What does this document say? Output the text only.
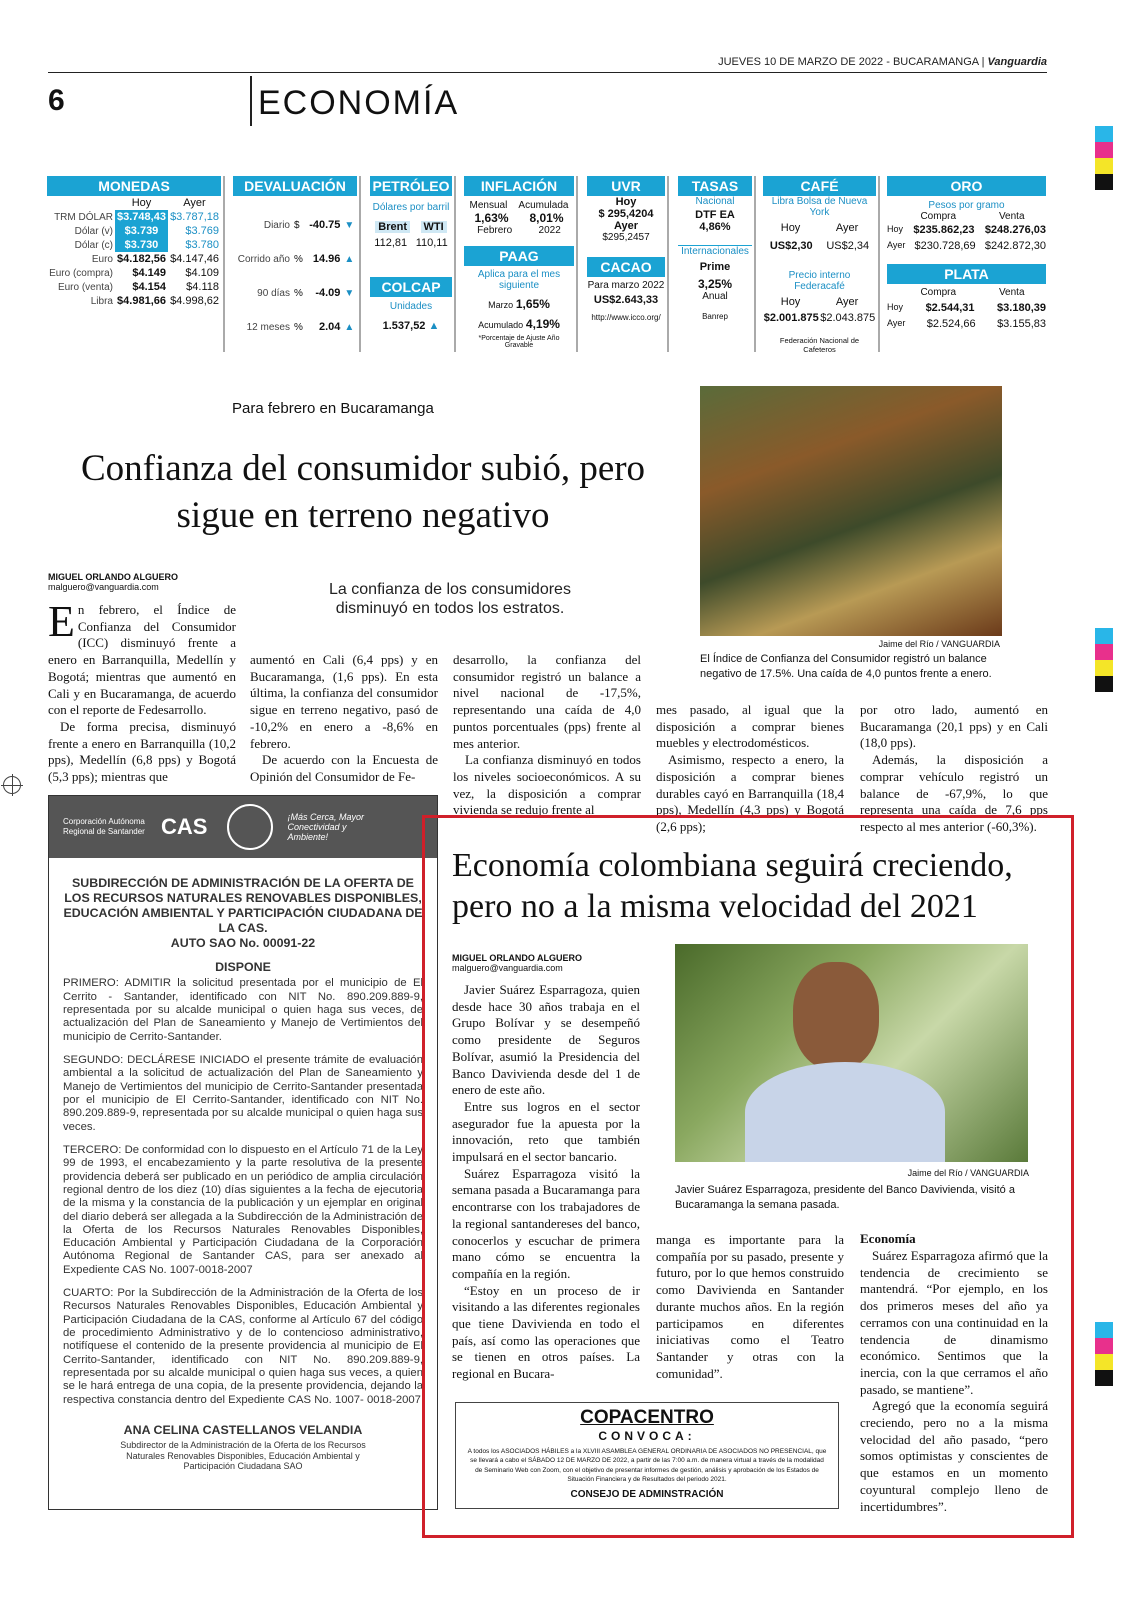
JUEVES 10 DE MARZO DE 2022 - BUCARAMANGA | Vanguardia
6	ECONOMÍA
MONEDAS
	Hoy	Ayer
TRM DÓLAR	$3.748,43	$3.787,18
Dólar (v)	$3.739	$3.769
Dólar (c)	$3.730	$3.780
Euro	$4.182,56	$4.147,46
Euro (compra)	$4.149	$4.109
Euro (venta)	$4.154	$4.118
Libra	$4.981,66	$4.998,62
DEVALUACIÓN
Diario	$	-40.75	▼
Corrido año	%	14.96	▲
90 días	%	-4.09	▼
12 meses	%	2.04	▲
PETRÓLEO
Dólares por barril
Brent WTI
112,81 110,11
COLCAP
Unidades
1.537,52 ▲
INFLACIÓN
Mensual Acumulada
1,63% 8,01%
Febrero	2022
PAAG
Aplica para el mes siguiente
Marzo 1,65%
Acumulado 4,19%
*Porcentaje de Ajuste Año Gravable
UVR
Hoy
$ 295,4204
Ayer
$295,2457
CACAO
Para marzo 2022
US$2.643,33
http://www.icco.org/
TASAS
Nacional
DTF EA
4,86%
Internacionales
Prime
3,25%
Anual
Banrep
CAFÉ
Libra Bolsa de Nueva York
Hoy	Ayer
US$2,30 US$2,34
Precio interno Federacafé
Hoy	Ayer
$2.001.875 $2.043.875
Federación Nacional de Cafeteros
ORO
Pesos por gramo
Compra	Venta
Hoy $235.862,23 $248.276,03
Ayer $230.728,69 $242.872,30
PLATA
Compra	Venta
Hoy $2.544,31 $3.180,39
Ayer $2.524,66 $3.155,83
Para febrero en Bucaramanga
Confianza del consumidor subió, pero sigue en terreno negativo
MIGUEL ORLANDO ALGUERO
malguero@vanguardia.com	La confianza de los consumidores disminuyó en todos los estratos.
En febrero, el Índice de Confianza del Consumidor (ICC) disminuyó frente a enero en Barranquilla, Medellín y Bogotá; mientras que aumentó en Cali y en Bucaramanga, de acuerdo con el reporte de Fedesarrollo.

De forma precisa, disminuyó frente a enero en Barranquilla (10,2 pps), Medellín (6,8 pps) y Bogotá (5,3 pps); mientras que

aumentó en Cali (6,4 pps) y en Bucaramanga, (1,6 pps). En esta última, la confianza del consumidor sigue en terreno negativo, pasó de -10,2% en enero a -8,6% en febrero.

De acuerdo con la Encuesta de Opinión del Consumidor de Fe-

desarrollo, la confianza del consumidor registró un balance a nivel nacional de -17,5%, representando una caída de 4,0 puntos porcentuales (pps) frente al mes anterior.

La confianza disminuyó en todos los niveles socioeconómicos. A su vez, la disposición a comprar vivienda se redujo frente al

mes pasado, al igual que la disposición a comprar bienes muebles y electrodomésticos.

Asimismo, respecto a enero, la disposición a comprar bienes durables cayó en Barranquilla (18,4 pps), Medellín (4,3 pps) y Bogotá (2,6 pps);

por otro lado, aumentó en Bucaramanga (20,1 pps) y en Cali (18,0 pps).

Además, la disposición a comprar vehículo registró un balance de -67,9%, lo que representa una caída de 7,6 pps respecto al mes anterior (-60,3%).

Jaime del Río / VANGUARDIA
El Índice de Confianza del Consumidor registró un balance negativo de 17.5%. Una caída de 4,0 puntos frente a enero.
Corporación Autónoma Regional de Santander CAS	¡Más Cerca, Mayor Conectividad y Ambiente!
SUBDIRECCIÓN DE ADMINISTRACIÓN DE LA OFERTA DE LOS RECURSOS NATURALES RENOVABLES DISPONIBLES, EDUCACIÓN AMBIENTAL Y PARTICIPACIÓN CIUDADANA DE LA CAS.
AUTO SAO No. 00091-22
DISPONE

PRIMERO: ADMITIR la solicitud presentada por el municipio de El Cerrito - Santander, identificado con NIT No. 890.209.889-9, representada por su alcalde municipal o quien haga sus veces, de actualización del Plan de Saneamiento y Manejo de Vertimientos del municipio de Cerrito-Santander.

SEGUNDO: DECLÁRESE INICIADO el presente trámite de evaluación ambiental a la solicitud de actualización del Plan de Saneamiento y Manejo de Vertimientos del municipio de Cerrito-Santander presentada por el municipio de El Cerrito-Santander, identificado con NIT No. 890.209.889-9, representada por su alcalde municipal o quien haga sus veces.

TERCERO: De conformidad con lo dispuesto en el Artículo 71 de la Ley 99 de 1993, el encabezamiento y la parte resolutiva de la presente providencia deberá ser publicado en un periódico de amplia circulación regional dentro de los diez (10) días siguientes a la fecha de ejecutoria de la misma y la constancia de la publicación y un ejemplar en original del diario deberá ser allegada a la Subdirección de la Administración de la Oferta de los Recursos Naturales Renovables Disponibles, Educación Ambiental y Participación Ciudadana de la Corporación Autónoma Regional de Santander CAS, para ser anexado al Expediente CAS No. 1007-0018-2007

CUARTO: Por la Subdirección de la Administración de la Oferta de los Recursos Naturales Renovables Disponibles, Educación Ambiental y Participación Ciudadana de la CAS, conforme al Artículo 67 del código de procedimiento Administrativo y de lo contencioso administrativo, notifíquese el contenido de la presente providencia al municipio de El Cerrito-Santander, identificado con NIT No. 890.209.889-9, representada por su alcalde municipal o quien haga sus veces, a quien se le hará entrega de una copia, de la presente providencia, dejando la respectiva constancia dentro del Expediente CAS No. 1007- 0018-2007

ANA CELINA CASTELLANOS VELANDIA
Subdirector de la Administración de la Oferta de los Recursos Naturales Renovables Disponibles, Educación Ambiental y Participación Ciudadana SAO
Economía colombiana seguirá creciendo, pero no a la misma velocidad del 2021
MIGUEL ORLANDO ALGUERO
malguero@vanguardia.com

Javier Suárez Esparragoza, quien desde hace 30 años trabaja en el Grupo Bolívar y se desempeñó como presidente de Seguros Bolívar, asumió la Presidencia del Banco Davivienda desde del 1 de enero de este año.

Entre sus logros en el sector asegurador fue la apuesta por la innovación, reto que también impulsará en el sector bancario.

Suárez Esparragoza visitó la semana pasada a Bucaramanga para encontrarse con los trabajadores de la regional santandereses del banco, conocerlos y escuchar de primera mano cómo se encuentra la compañía en la región.

“Estoy en un proceso de ir visitando a las diferentes regionales que tiene Davivienda en todo el país, así como las operaciones que se tienen en otros países. La regional en Bucara-

manga es importante para la compañía por su pasado, presente y futuro, por lo que hemos construido como Davivienda en Santander durante muchos años. En la región participamos en diferentes iniciativas como el Teatro Santander y otras con la comunidad”.

Economía

Suárez Esparragoza afirmó que la tendencia de crecimiento se mantendrá. “Por ejemplo, en los dos primeros meses del año ya cerramos con una continuidad en la tendencia de dinamismo económico. Sentimos que la inercia, con la que cerramos el año pasado, se mantiene”.

Agregó que la economía seguirá creciendo, pero no a la misma velocidad del año pasado, “pero somos optimistas y conscientes de que estamos en un momento coyuntural complejo lleno de incertidumbres”.

Jaime del Río / VANGUARDIA
Javier Suárez Esparragoza, presidente del Banco Davivienda, visitó a Bucaramanga la semana pasada.
COPACENTRO
CONVOCA:
A todos los ASOCIADOS HÁBILES a la XLVIII ASAMBLEA GENERAL ORDINARIA DE ASOCIADOS NO PRESENCIAL, que se llevará a cabo el SÁBADO 12 DE MARZO DE 2022, a partir de las 7:00 a.m. de manera virtual a través de la modalidad de Seminario Web con Zoom, con el objetivo de presentar informes de gestión, análisis y aprobación de los Estados de Situación Financiera y de Resultados del periodo 2021.
CONSEJO DE ADMINSTRACIÓN
